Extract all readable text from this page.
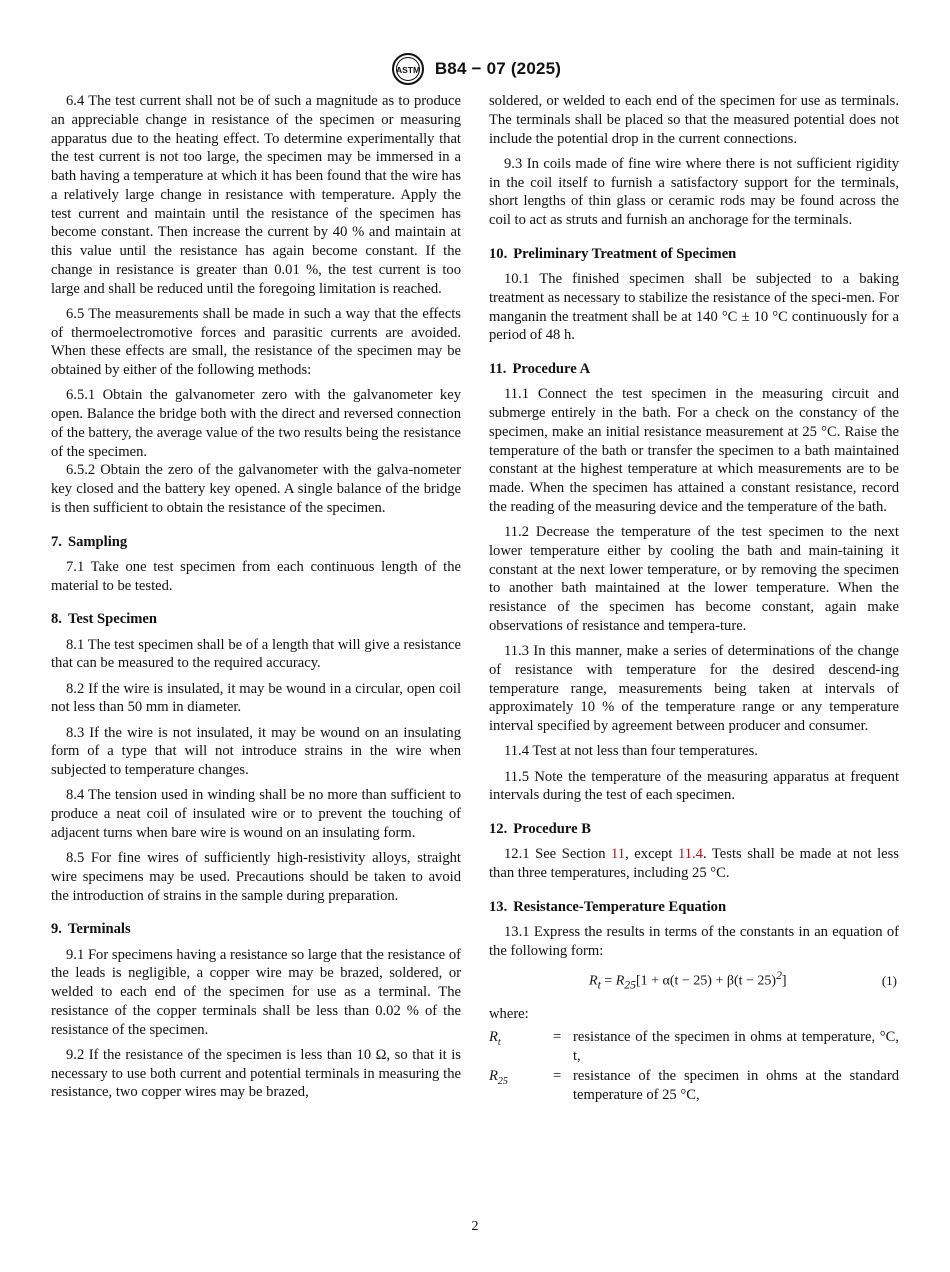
ASTM B84 − 07 (2025)

6.4 The test current shall not be of such a magnitude as to produce an appreciable change in resistance of the specimen or measuring apparatus due to the heating effect. To determine experimentally that the test current is not too large, the specimen may be immersed in a bath having a temperature at which it has been found that the wire has a relatively large change in resistance with temperature. Apply the test current and maintain until the resistance of the specimen has become constant. Then increase the current by 40 % and maintain at this value until the resistance has again become constant. If the change in resistance is greater than 0.01 %, the test current is too large and shall be reduced until the foregoing limitation is reached.

6.5 The measurements shall be made in such a way that the effects of thermoelectromotive forces and parasitic currents are avoided. When these effects are small, the resistance of the specimen may be obtained by either of the following methods:

6.5.1 Obtain the galvanometer zero with the galvanometer key open. Balance the bridge both with the direct and reversed connection of the battery, the average value of the two results being the resistance of the specimen.

6.5.2 Obtain the zero of the galvanometer with the galva-nometer key closed and the battery key opened. A single balance of the bridge is then sufficient to obtain the resistance of the specimen.

7. Sampling

7.1 Take one test specimen from each continuous length of the material to be tested.

8. Test Specimen

8.1 The test specimen shall be of a length that will give a resistance that can be measured to the required accuracy.

8.2 If the wire is insulated, it may be wound in a circular, open coil not less than 50 mm in diameter.

8.3 If the wire is not insulated, it may be wound on an insulating form of a type that will not introduce strains in the wire when subjected to temperature changes.

8.4 The tension used in winding shall be no more than sufficient to produce a neat coil of insulated wire or to prevent the touching of adjacent turns when bare wire is wound on an insulating form.

8.5 For fine wires of sufficiently high-resistivity alloys, straight wire specimens may be used. Precautions should be taken to avoid the introduction of strains in the sample during preparation.

9. Terminals

9.1 For specimens having a resistance so large that the resistance of the leads is negligible, a copper wire may be brazed, soldered, or welded to each end of the specimen for use as a terminal. The resistance of the copper terminals shall be less than 0.02 % of the resistance of the specimen.

9.2 If the resistance of the specimen is less than 10 Ω, so that it is necessary to use both current and potential terminals in measuring the resistance, two copper wires may be brazed,

soldered, or welded to each end of the specimen for use as terminals. The terminals shall be placed so that the measured potential does not include the potential drop in the current connections.

9.3 In coils made of fine wire where there is not sufficient rigidity in the coil itself to furnish a satisfactory support for the terminals, short lengths of thin glass or ceramic rods may be found across the coil to act as struts and furnish an anchorage for the terminals.

10. Preliminary Treatment of Specimen

10.1 The finished specimen shall be subjected to a baking treatment as necessary to stabilize the resistance of the speci-men. For manganin the treatment shall be at 140 °C ± 10 °C continuously for a period of 48 h.

11. Procedure A

11.1 Connect the test specimen in the measuring circuit and submerge entirely in the bath. For a check on the constancy of the specimen, make an initial resistance measurement at 25 °C. Raise the temperature of the bath or transfer the specimen to a bath maintained constant at the highest temperature at which measurements are to be made. When the specimen has attained a constant resistance, record the reading of the measuring device and the temperature of the bath.

11.2 Decrease the temperature of the test specimen to the next lower temperature either by cooling the bath and main-taining it constant at the next lower temperature, or by removing the specimen to another bath maintained at the lower temperature. When the resistance of the specimen has become constant, again make observations of resistance and tempera-ture.

11.3 In this manner, make a series of determinations of the change of resistance with temperature for the desired descend-ing temperature range, measurements being taken at intervals of approximately 10 % of the temperature range or any temperature interval specified by agreement between producer and consumer.

11.4 Test at not less than four temperatures.

11.5 Note the temperature of the measuring apparatus at frequent intervals during the test of each specimen.

12. Procedure B

12.1 See Section 11, except 11.4. Tests shall be made at not less than three temperatures, including 25 °C.

13. Resistance-Temperature Equation

13.1 Express the results in terms of the constants in an equation of the following form:

$R_t = R_{25}[1 + \alpha(t - 25) + \beta(t - 25)^2]$	(1)

where:

$R_t$	= resistance of the specimen in ohms at temperature, °C, t,
$R_{25}$	= resistance of the specimen in ohms at the standard temperature of 25 °C,
2
